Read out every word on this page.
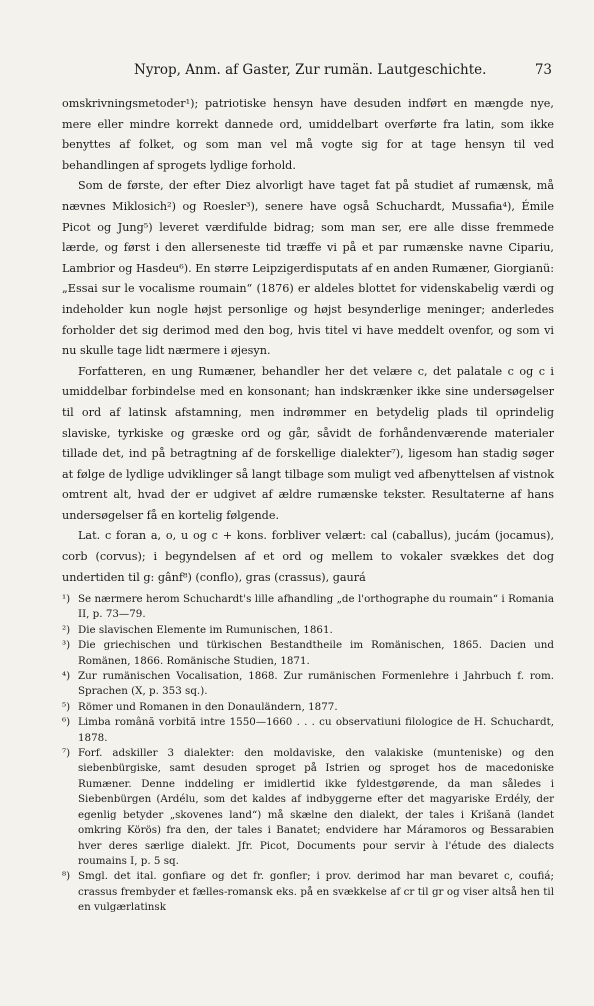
Nyrop, Anm. af Gaster, Zur rumän. Lautgeschichte.	73

omskrivningsmetoder¹); patriotiske hensyn have desuden indført en mængde nye, mere eller mindre korrekt dannede ord, umiddelbart overførte fra latin, som ikke benyttes af folket, og som man vel må vogte sig for at tage hensyn til ved behandlingen af sprogets lydlige forhold.

Som de første, der efter Diez alvorligt have taget fat på studiet af rumænsk, må nævnes Miklosich²) og Roesler³), senere have også Schuchardt, Mussafia⁴), Émile Picot og Jung⁵) leveret værdifulde bidrag; som man ser, ere alle disse fremmede lærde, og først i den allerseneste tid træffe vi på et par rumænske navne Cipariu, Lambrior og Hasdeu⁶). En større Leipzigerdisputats af en anden Rumæner, Giorgianü: „Essai sur le vocalisme roumain“ (1876) er aldeles blottet for videnskabelig værdi og indeholder kun nogle højst personlige og højst besynderlige meninger; anderledes forholder det sig derimod med den bog, hvis titel vi have meddelt ovenfor, og som vi nu skulle tage lidt nærmere i øjesyn.

Forfatteren, en ung Rumæner, behandler her det velære c, det palatale c og c i umiddelbar forbindelse med en konsonant; han indskrænker ikke sine undersøgelser til ord af latinsk afstamning, men indrømmer en betydelig plads til oprindelig slaviske, tyrkiske og græske ord og går, såvidt de forhåndenværende materialer tillade det, ind på betragtning af de forskellige dialekter⁷), ligesom han stadig søger at følge de lydlige udviklinger så langt tilbage som muligt ved afbenyttelsen af vistnok omtrent alt, hvad der er udgivet af ældre rumænske tekster. Resultaterne af hans undersøgelser få en kortelig følgende.

Lat. c foran a, o, u og c + kons. forbliver velært: cal (caballus), jucám (jocamus), corb (corvus); i begyndelsen af et ord og mellem to vokaler svækkes det dog undertiden til g: gânf⁸) (conflo), gras (crassus), gaurá

¹) Se nærmere herom Schuchardt's lille afhandling „de l'orthographe du roumain“ i Romania II, p. 73—79.
²) Die slavischen Elemente im Rumunischen, 1861.
³) Die griechischen und türkischen Bestandtheile im Romänischen, 1865. Dacien und Romänen, 1866. Romänische Studien, 1871.
⁴) Zur rumänischen Vocalisation, 1868. Zur rumänischen Formenlehre i Jahrbuch f. rom. Sprachen (X, p. 353 sq.).
⁵) Römer und Romanen in den Donauländern, 1877.
⁶) Limba română vorbită intre 1550—1660 . . . cu observatiuni filologice de H. Schuchardt, 1878.
⁷) Forf. adskiller 3 dialekter: den moldaviske, den valakiske (munteniske) og den siebenbürgiske, samt desuden sproget på Istrien og sproget hos de macedoniske Rumæner. Denne inddeling er imidlertid ikke fyldestgørende, da man således i Siebenbürgen (Ardélu, som det kaldes af indbyggerne efter det magyariske Erdély, der egenlig betyder „skovenes land“) må skælne den dialekt, der tales i Krišană (landet omkring Körös) fra den, der tales i Banatet; endvidere har Máramoros og Bessarabien hver deres særlige dialekt. Jfr. Picot, Documents pour servir à l'étude des dialects roumains I, p. 5 sq.
⁸) Smgl. det ital. gonfiare og det fr. gonfler; i prov. derimod har man bevaret c, coufiá; crassus frembyder et fælles-romansk eks. på en svækkelse af cr til gr og viser altså hen til en vulgærlatinsk
